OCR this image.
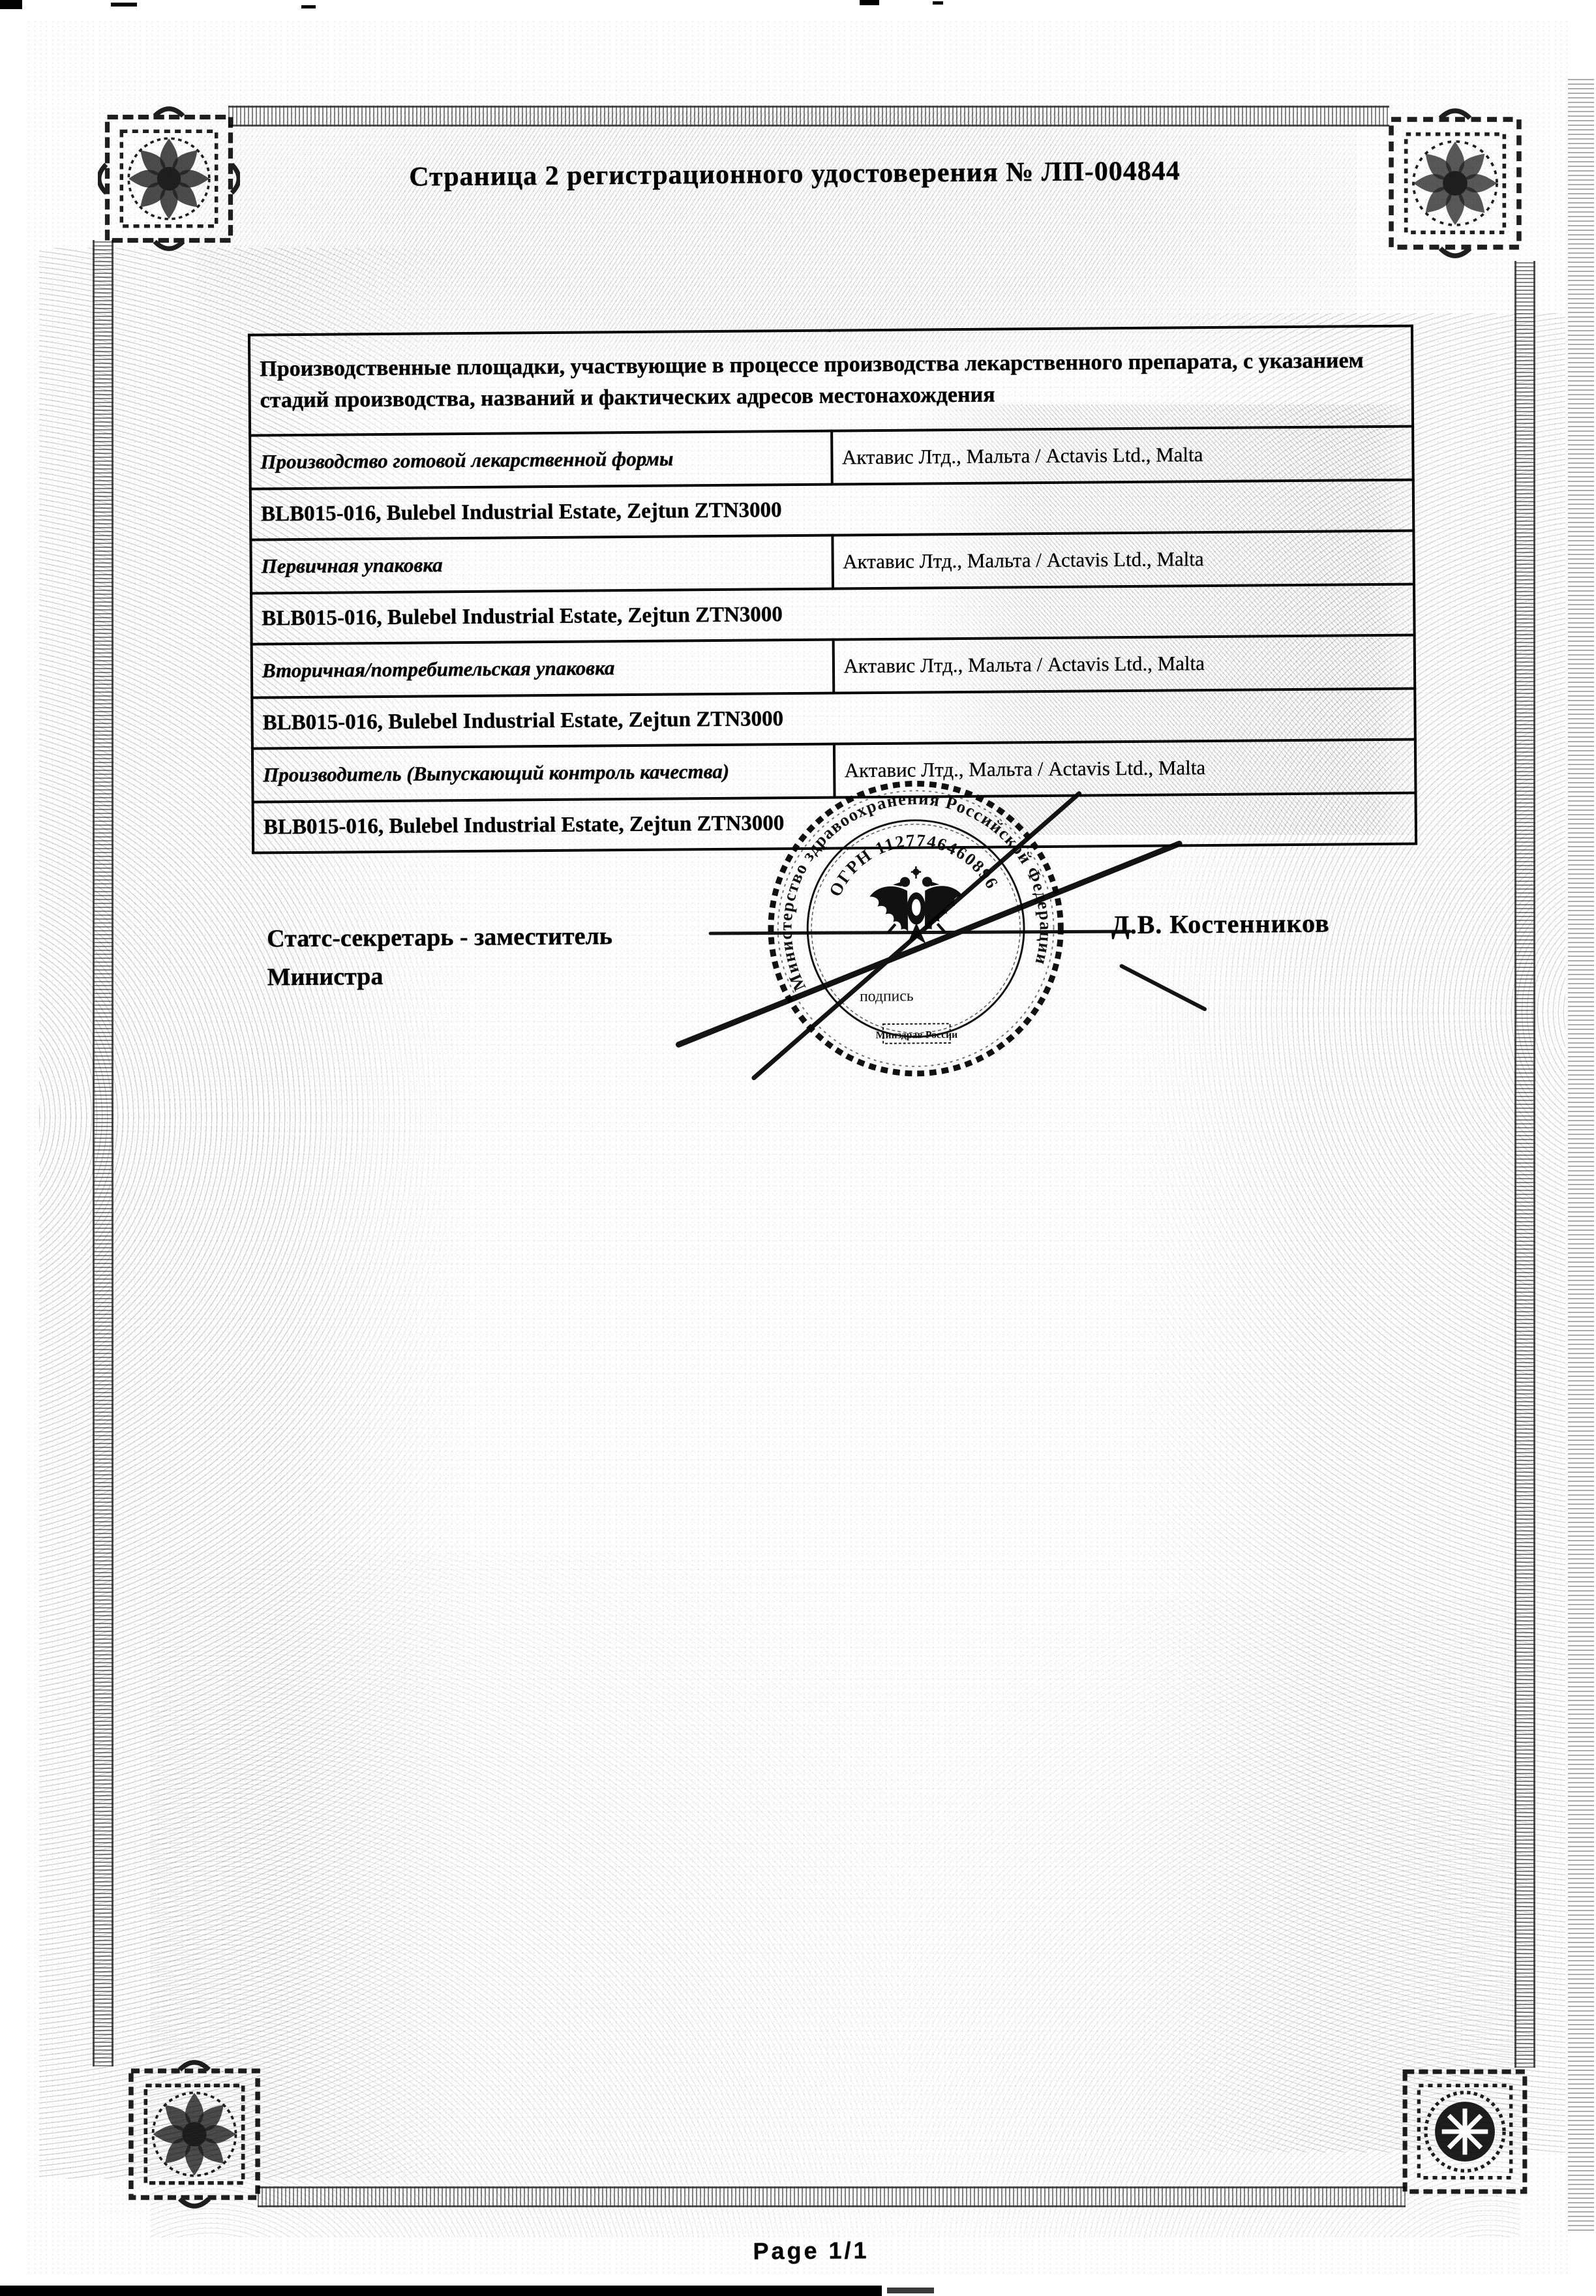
Страница 2 регистрационного удостоверения № ЛП-004844
Производственные площадки, участвующие в процессе производства лекарственного препарата, с указанием стадий производства, названий и фактических адресов местонахождения	
Производство готовой лекарственной формы	Актавис Лтд., Мальта / Actavis Ltd., Malta
BLB015-016, Bulebel Industrial Estate, Zejtun ZTN3000	
Первичная упаковка	Актавис Лтд., Мальта / Actavis Ltd., Malta
BLB015-016, Bulebel Industrial Estate, Zejtun ZTN3000	
Вторичная/потребительская упаковка	Актавис Лтд., Мальта / Actavis Ltd., Malta
BLB015-016, Bulebel Industrial Estate, Zejtun ZTN3000	
Производитель (Выпускающий контроль качества)	Актавис Лтд., Мальта / Actavis Ltd., Malta
BLB015-016, Bulebel Industrial Estate, Zejtun ZTN3000	
Статс-секретарь - заместитель Министра
Д.В. Костенников
Министерство здравоохранения Российской Федерации
ОГРН 1127746460896
подпись
Минздрав России
Page 1/1
